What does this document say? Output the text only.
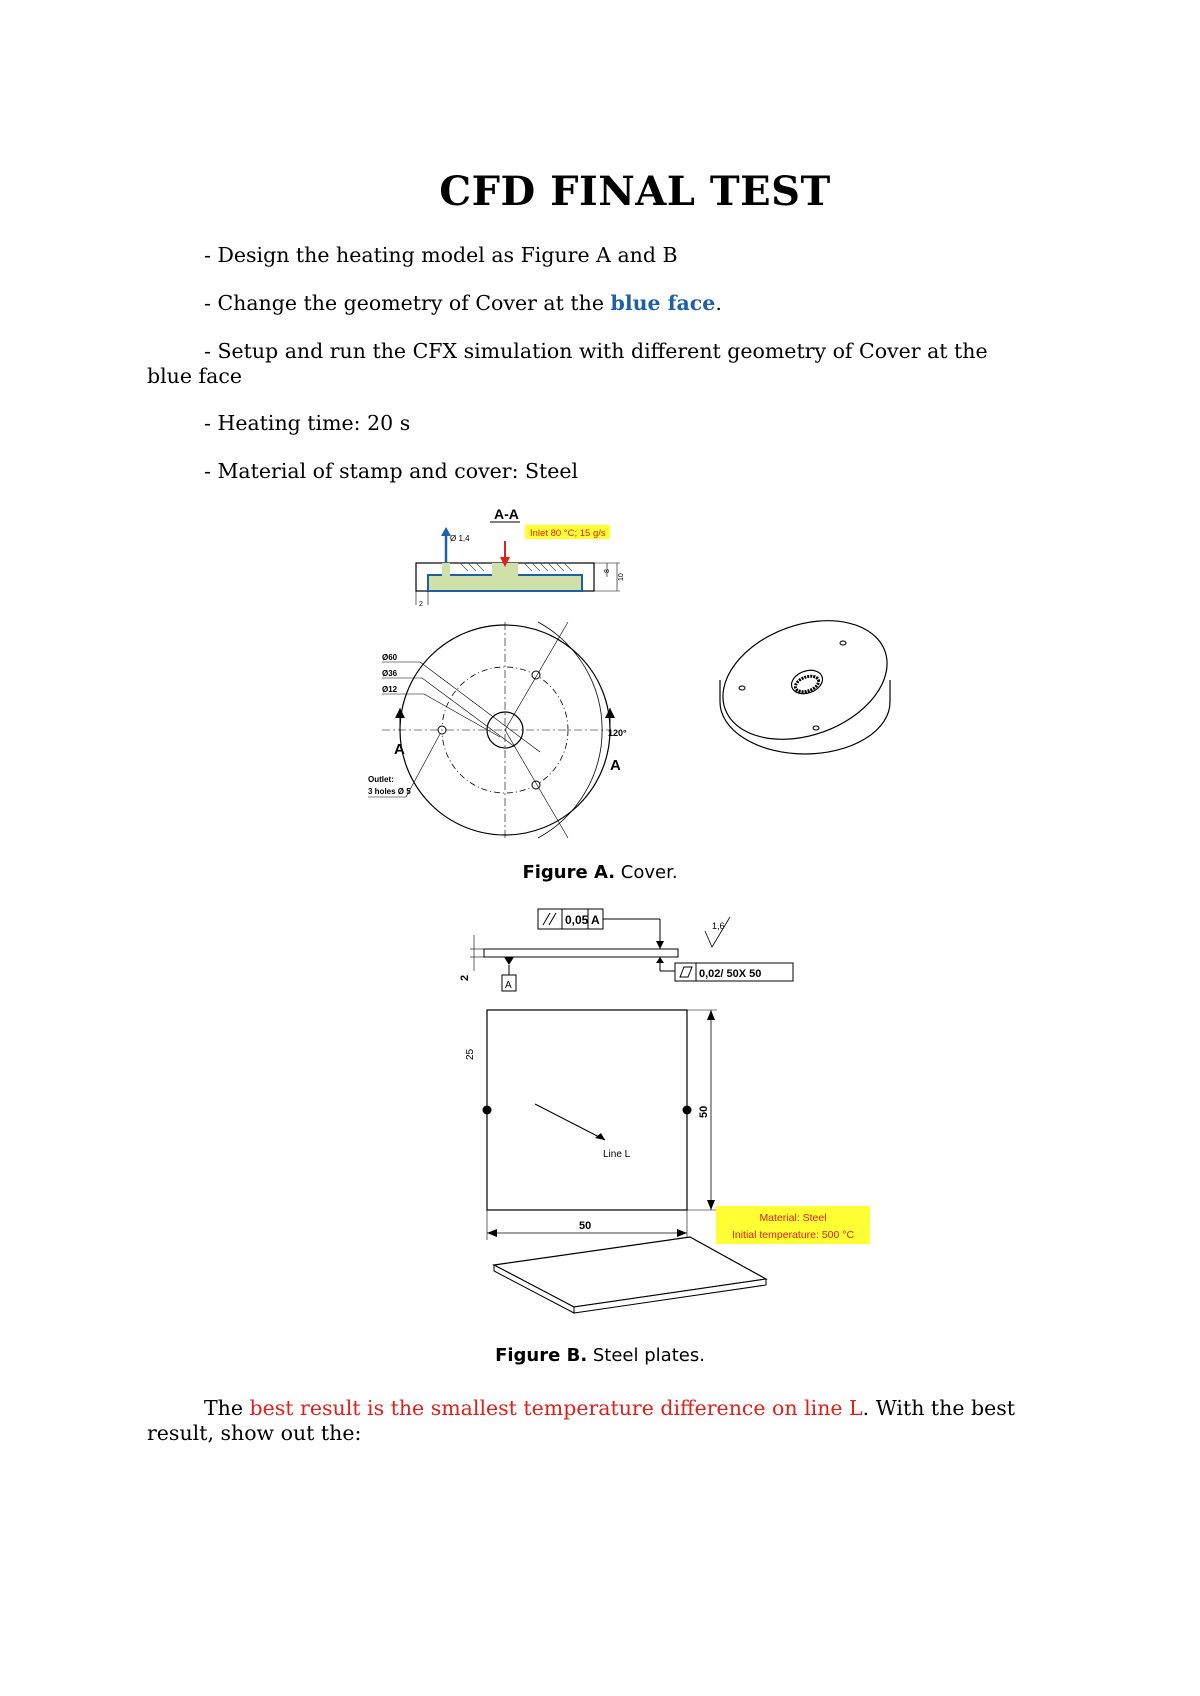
CFD FINAL TEST

- Design the heating model as Figure A and B

- Change the geometry of Cover at the blue face.

- Setup and run the CFX simulation with different geometry of Cover at the blue face

- Heating time: 20 s

- Material of stamp and cover: Steel

A-A
Inlet 80 °C; 15 g/s
Ø 1,4
8
10
2
120°
Ø60
Ø36
Ø12
A
A
Outlet:
3 holes Ø 5
Figure A. Cover.
0,05 A	1,6
A
2	0,02/ 50X 50
Line L
25
50
50
Material: Steel
Initial temperature: 500 °C
Figure B. Steel plates.

The best result is the smallest temperature difference on line L. With the best result, show out the:
